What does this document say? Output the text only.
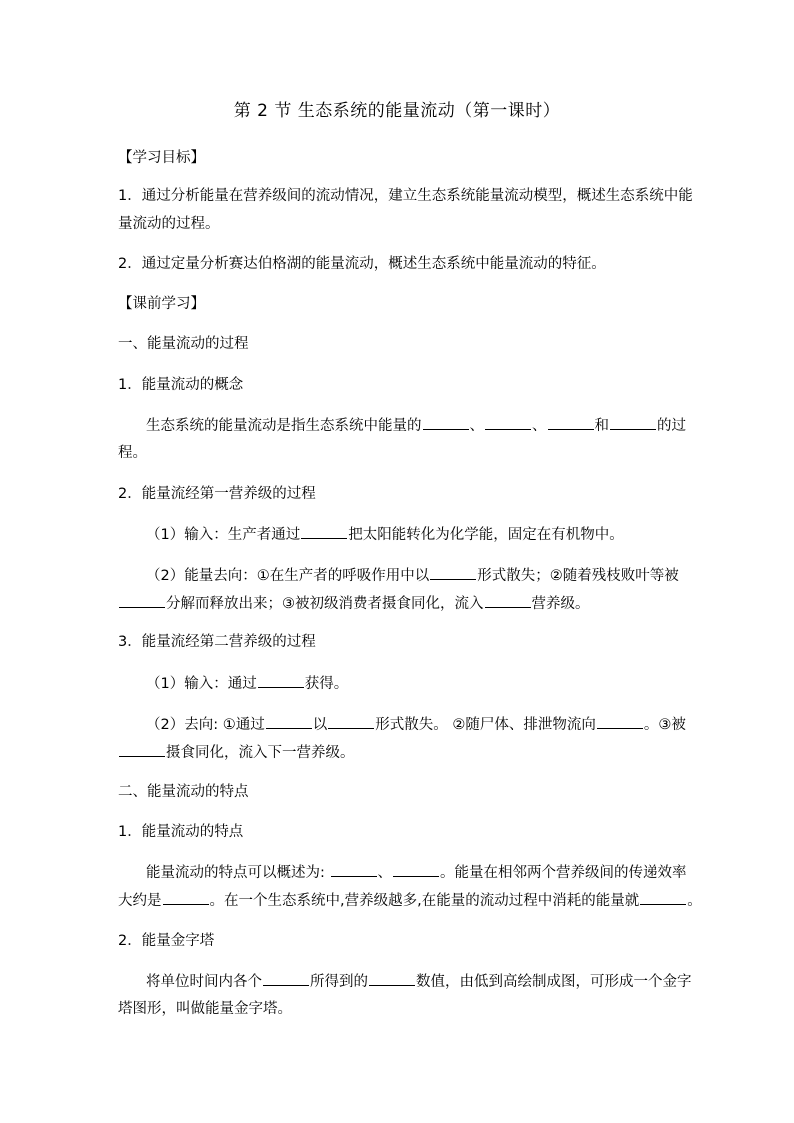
第 2 节 生态系统的能量流动（第一课时）
【学习目标】
1．通过分析能量在营养级间的流动情况，建立生态系统能量流动模型，概述生态系统中能
量流动的过程。
2．通过定量分析赛达伯格湖的能量流动，概述生态系统中能量流动的特征。
【课前学习】
一、能量流动的过程
1．能量流动的概念
生态系统的能量流动是指生态系统中能量的	、	、	和	的过
程。
2．能量流经第一营养级的过程
（1）输入：生产者通过	把太阳能转化为化学能，固定在有机物中。
（2）能量去向：①在生产者的呼吸作用中以	形式散失；②随着残枝败叶等被
分解而释放出来；③被初级消费者摄食同化，流入	营养级。
3．能量流经第二营养级的过程
（1）输入：通过	获得。
（2）去向: ①通过	以	形式散失。 ②随尸体、排泄物流向	。③被
摄食同化，流入下一营养级。
二、能量流动的特点
1．能量流动的特点
能量流动的特点可以概述为:	、	。能量在相邻两个营养级间的传递效率
大约是	。在一个生态系统中,营养级越多,在能量的流动过程中消耗的能量就	。
2．能量金字塔
将单位时间内各个	所得到的	数值，由低到高绘制成图，可形成一个金字
塔图形，叫做能量金字塔。
